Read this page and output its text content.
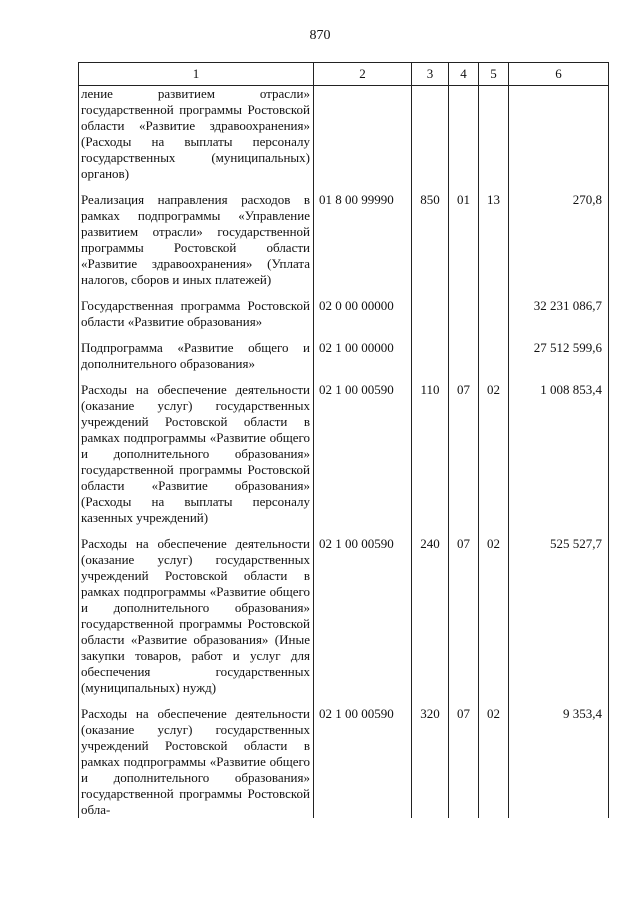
870
1	2	3	4	5	6
ление развитием отрасли» государственной программы Ростовской области «Развитие здравоохранения» (Расходы на выплаты персоналу государственных (муниципальных) органов)					

Реализация направления расходов в рамках подпрограммы «Управление развитием отрасли» государственной программы Ростовской области «Развитие здравоохранения» (Уплата налогов, сборов и иных платежей)	01 8 00 99990	850	01	13	270,8

Государственная программа Ростовской области «Развитие образования»	02 0 00 00000				32 231 086,7

Подпрограмма «Развитие общего и дополнительного образования»	02 1 00 00000				27 512 599,6

Расходы на обеспечение деятельности (оказание услуг) государственных учреждений Ростовской области в рамках подпрограммы «Развитие общего и дополнительного образования» государственной программы Ростовской области «Развитие образования» (Расходы на выплаты персоналу казенных учреждений)	02 1 00 00590	110	07	02	1 008 853,4

Расходы на обеспечение деятельности (оказание услуг) государственных учреждений Ростовской области в рамках подпрограммы «Развитие общего и дополнительного образования» государственной программы Ростовской области «Развитие образования» (Иные закупки товаров, работ и услуг для обеспечения государственных (муниципальных) нужд)	02 1 00 00590	240	07	02	525 527,7

Расходы на обеспечение деятельности (оказание услуг) государственных учреждений Ростовской области в рамках подпрограммы «Развитие общего и дополнительного образования» государственной программы Ростовской обла-	02 1 00 00590	320	07	02	9 353,4
